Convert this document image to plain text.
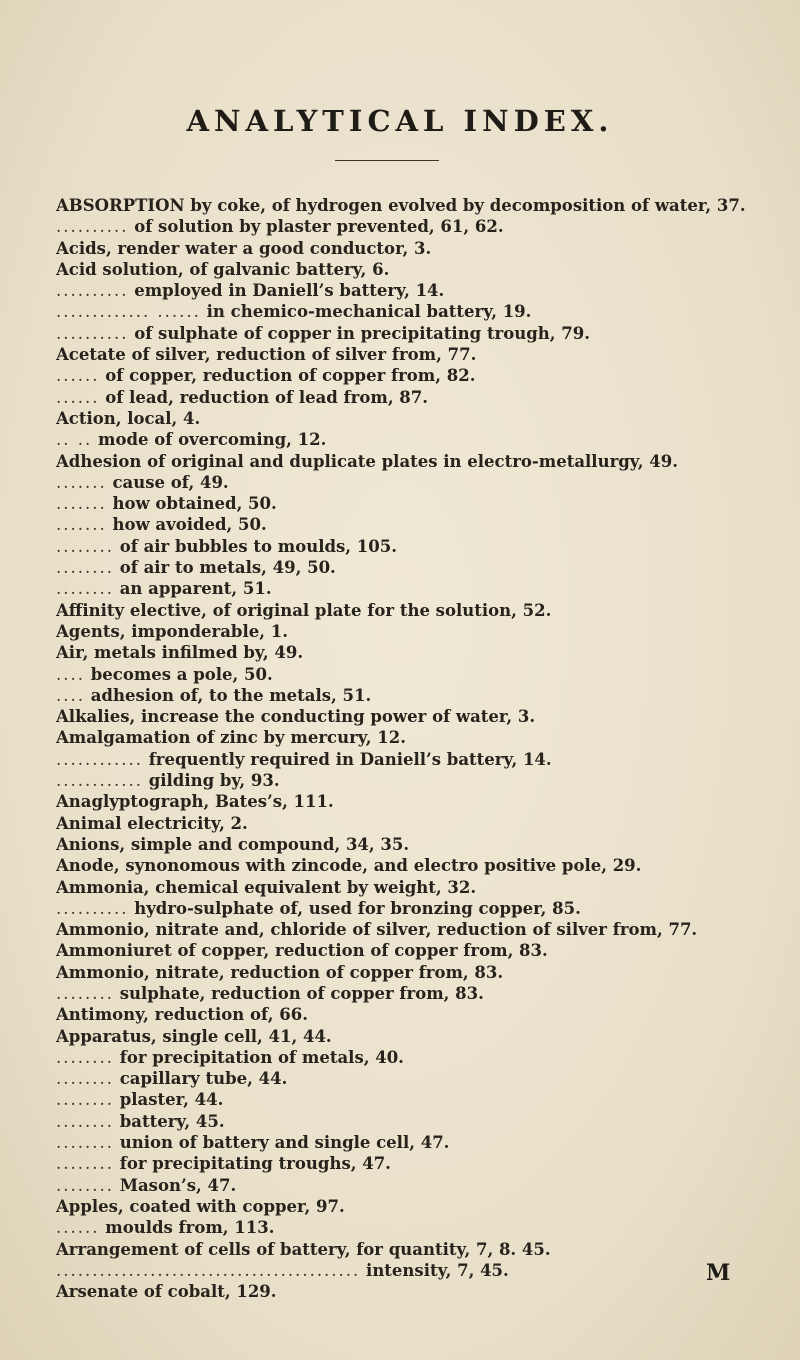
ANALYTICAL INDEX.
ABSORPTION by coke, of hydrogen evolved by decomposition of water, 37.
.......... of solution by plaster prevented, 61, 62.
Acids, render water a good conductor, 3.
Acid solution, of galvanic battery, 6.
.......... employed in Daniell’s battery, 14.
............. ...... in chemico-mechanical battery, 19.
.......... of sulphate of copper in precipitating trough, 79.
Acetate of silver, reduction of silver from, 77.
...... of copper, reduction of copper from, 82.
...... of lead, reduction of lead from, 87.
Action, local, 4.
.. .. mode of overcoming, 12.
Adhesion of original and duplicate plates in electro-metallurgy, 49.
....... cause of, 49.
....... how obtained, 50.
....... how avoided, 50.
........ of air bubbles to moulds, 105.
........ of air to metals, 49, 50.
........ an apparent, 51.
Affinity elective, of original plate for the solution, 52.
Agents, imponderable, 1.
Air, metals infilmed by, 49.
.... becomes a pole, 50.
.... adhesion of, to the metals, 51.
Alkalies, increase the conducting power of water, 3.
Amalgamation of zinc by mercury, 12.
............ frequently required in Daniell’s battery, 14.
............ gilding by, 93.
Anaglyptograph, Bates’s, 111.
Animal electricity, 2.
Anions, simple and compound, 34, 35.
Anode, synonomous with zincode, and electro positive pole, 29.
Ammonia, chemical equivalent by weight, 32.
.......... hydro-sulphate of, used for bronzing copper, 85.
Ammonio, nitrate and, chloride of silver, reduction of silver from, 77.
Ammoniuret of copper, reduction of copper from, 83.
Ammonio, nitrate, reduction of copper from, 83.
........ sulphate, reduction of copper from, 83.
Antimony, reduction of, 66.
Apparatus, single cell, 41, 44.
........ for precipitation of metals, 40.
........ capillary tube, 44.
........ plaster, 44.
........ battery, 45.
........ union of battery and single cell, 47.
........ for precipitating troughs, 47.
........ Mason’s, 47.
Apples, coated with copper, 97.
...... moulds from, 113.
Arrangement of cells of battery, for quantity, 7, 8. 45.
.......................................... intensity, 7, 45.
Arsenate of cobalt, 129.
M
